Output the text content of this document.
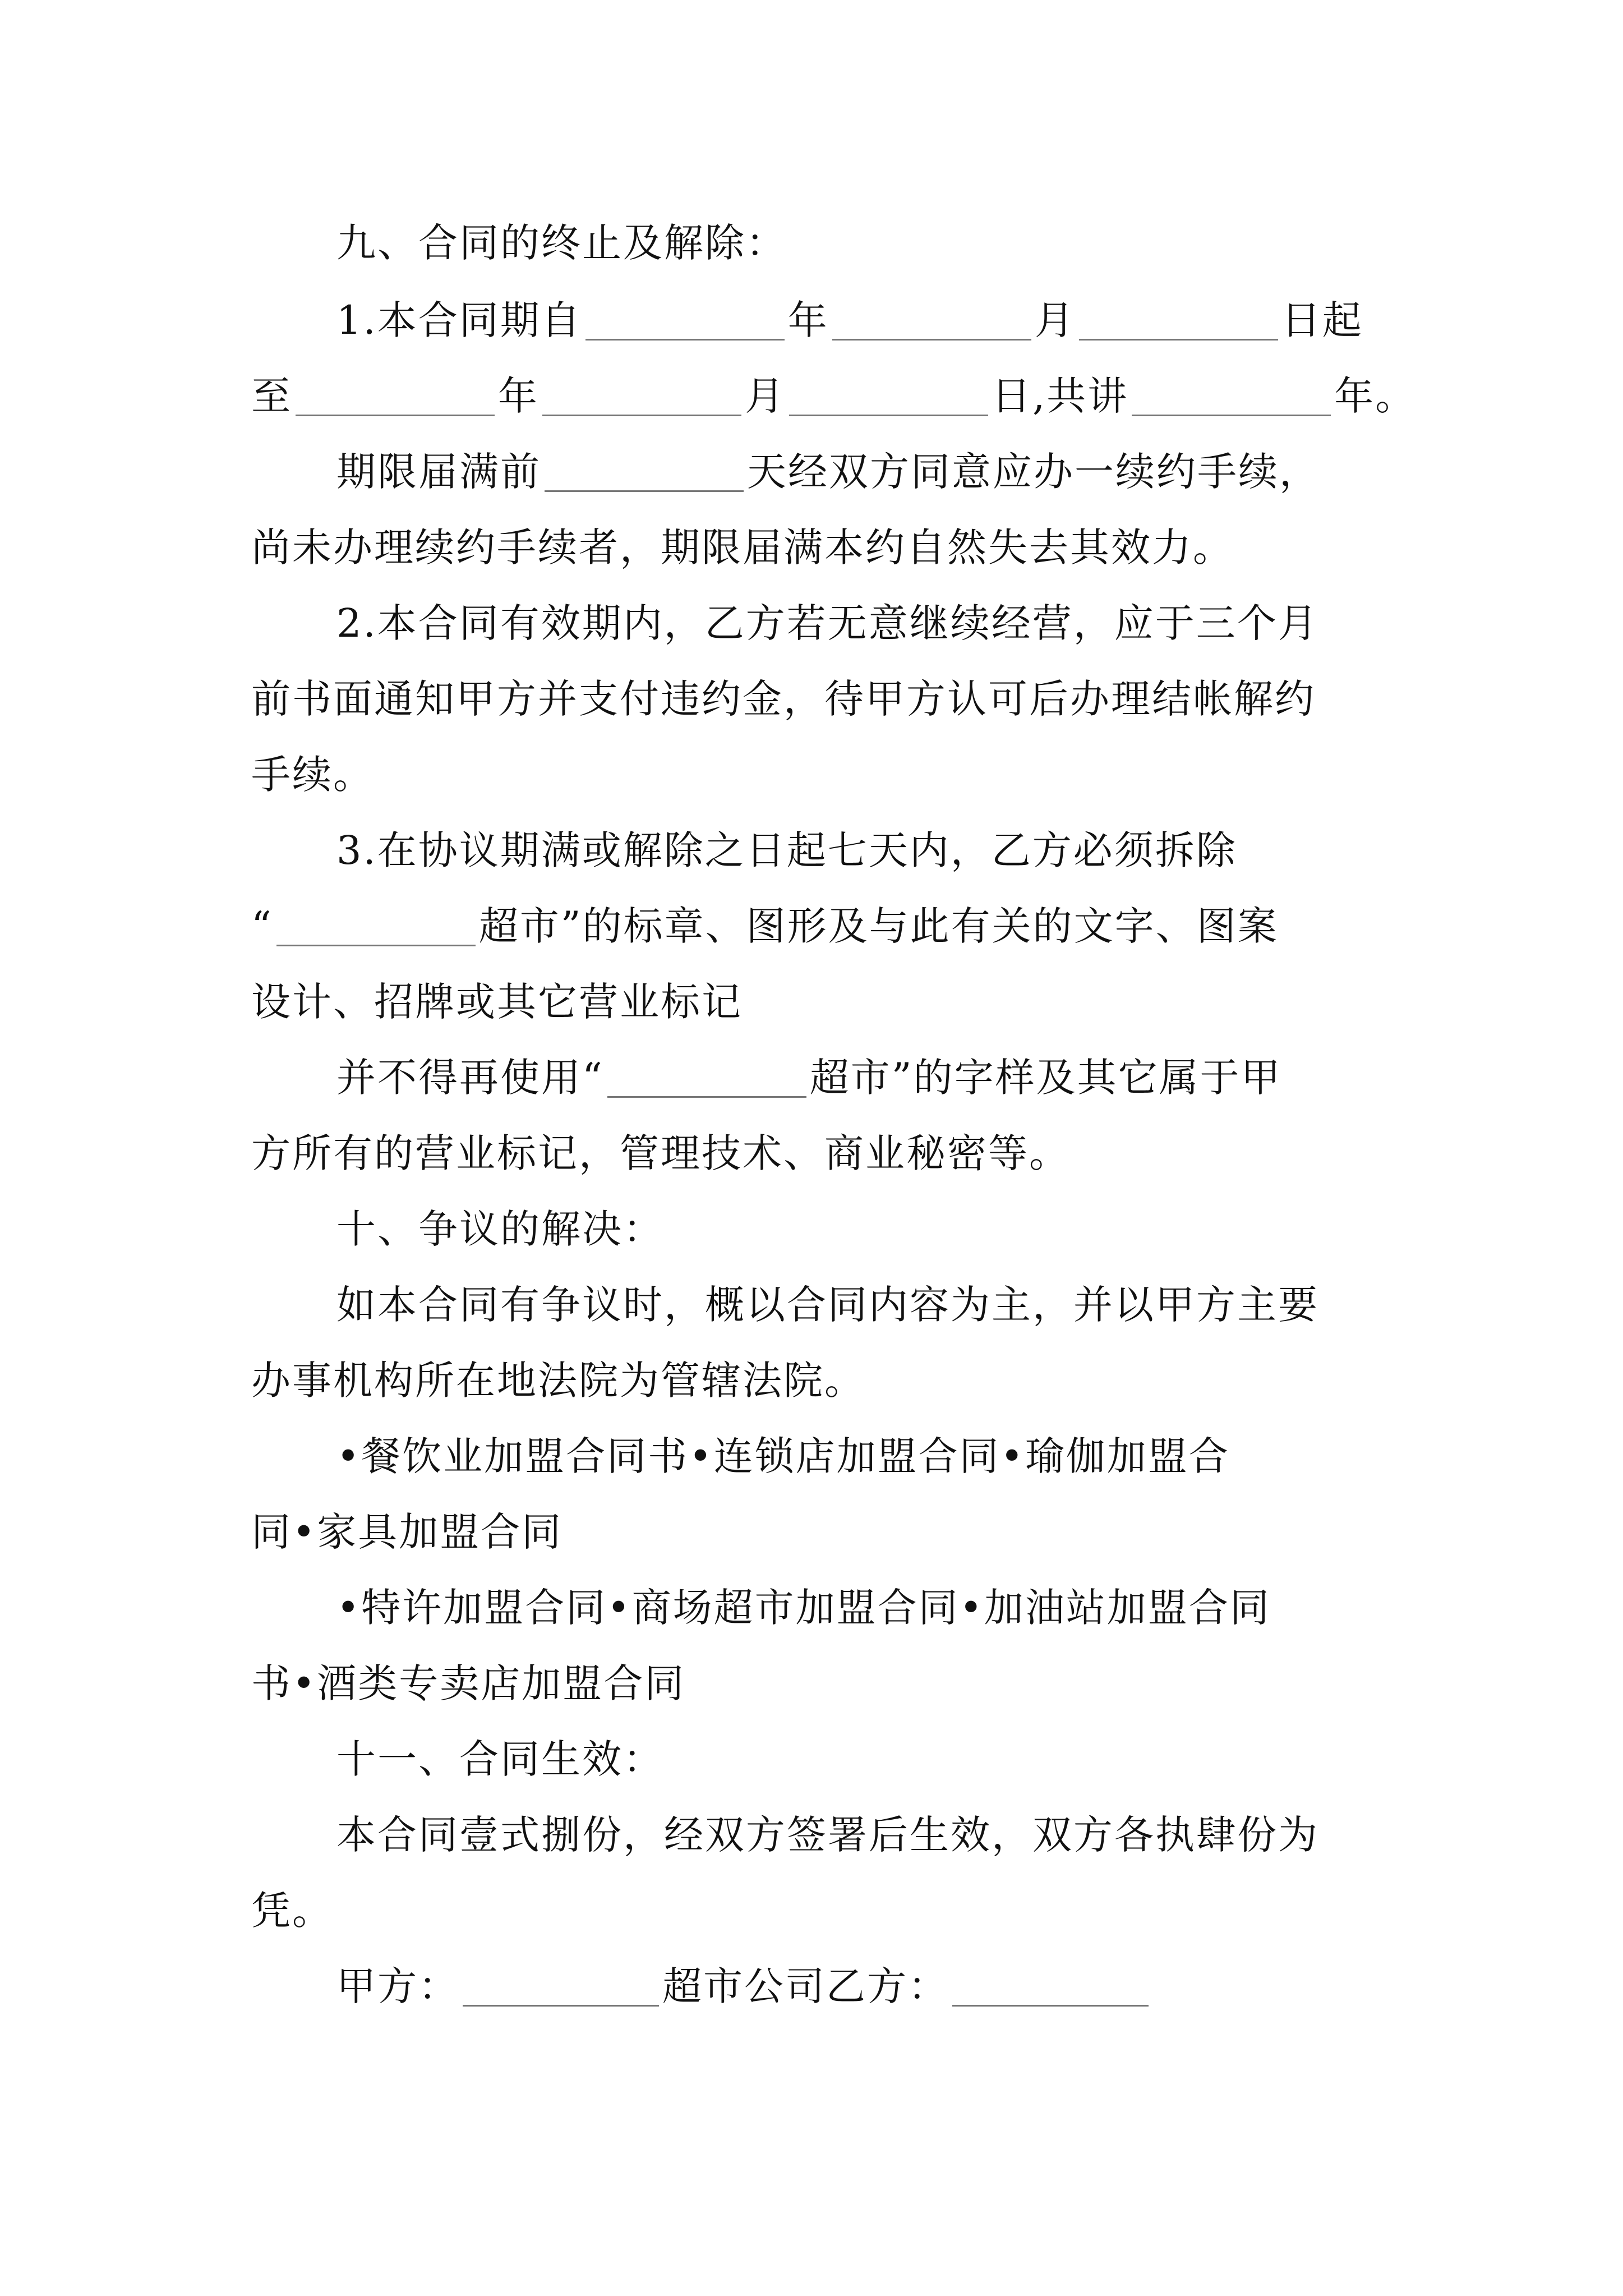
九、合同的终止及解除：
1.本合同期自	年	月	日起
至	年	月	日,共讲	年。
期限届满前	天经双方同意应办一续约手续，
尚未办理续约手续者，期限届满本约自然失去其效力。
2.本合同有效期内，乙方若无意继续经营，应于三个月
前书面通知甲方并支付违约金，待甲方认可后办理结帐解约
手续。
3.在协议期满或解除之日起七天内，乙方必须拆除
“	超市”的标章、图形及与此有关的文字、图案
设计、招牌或其它营业标记
并不得再使用“	超市”的字样及其它属于甲
方所有的营业标记，管理技术、商业秘密等。
十、争议的解决：
如本合同有争议时，概以合同内容为主，并以甲方主要
办事机构所在地法院为管辖法院。
•餐饮业加盟合同书•连锁店加盟合同•瑜伽加盟合
同•家具加盟合同
•特许加盟合同•商场超市加盟合同•加油站加盟合同
书•酒类专卖店加盟合同
十一、合同生效：
本合同壹式捌份，经双方签署后生效，双方各执肆份为
凭。
甲方：	超市公司乙方：
